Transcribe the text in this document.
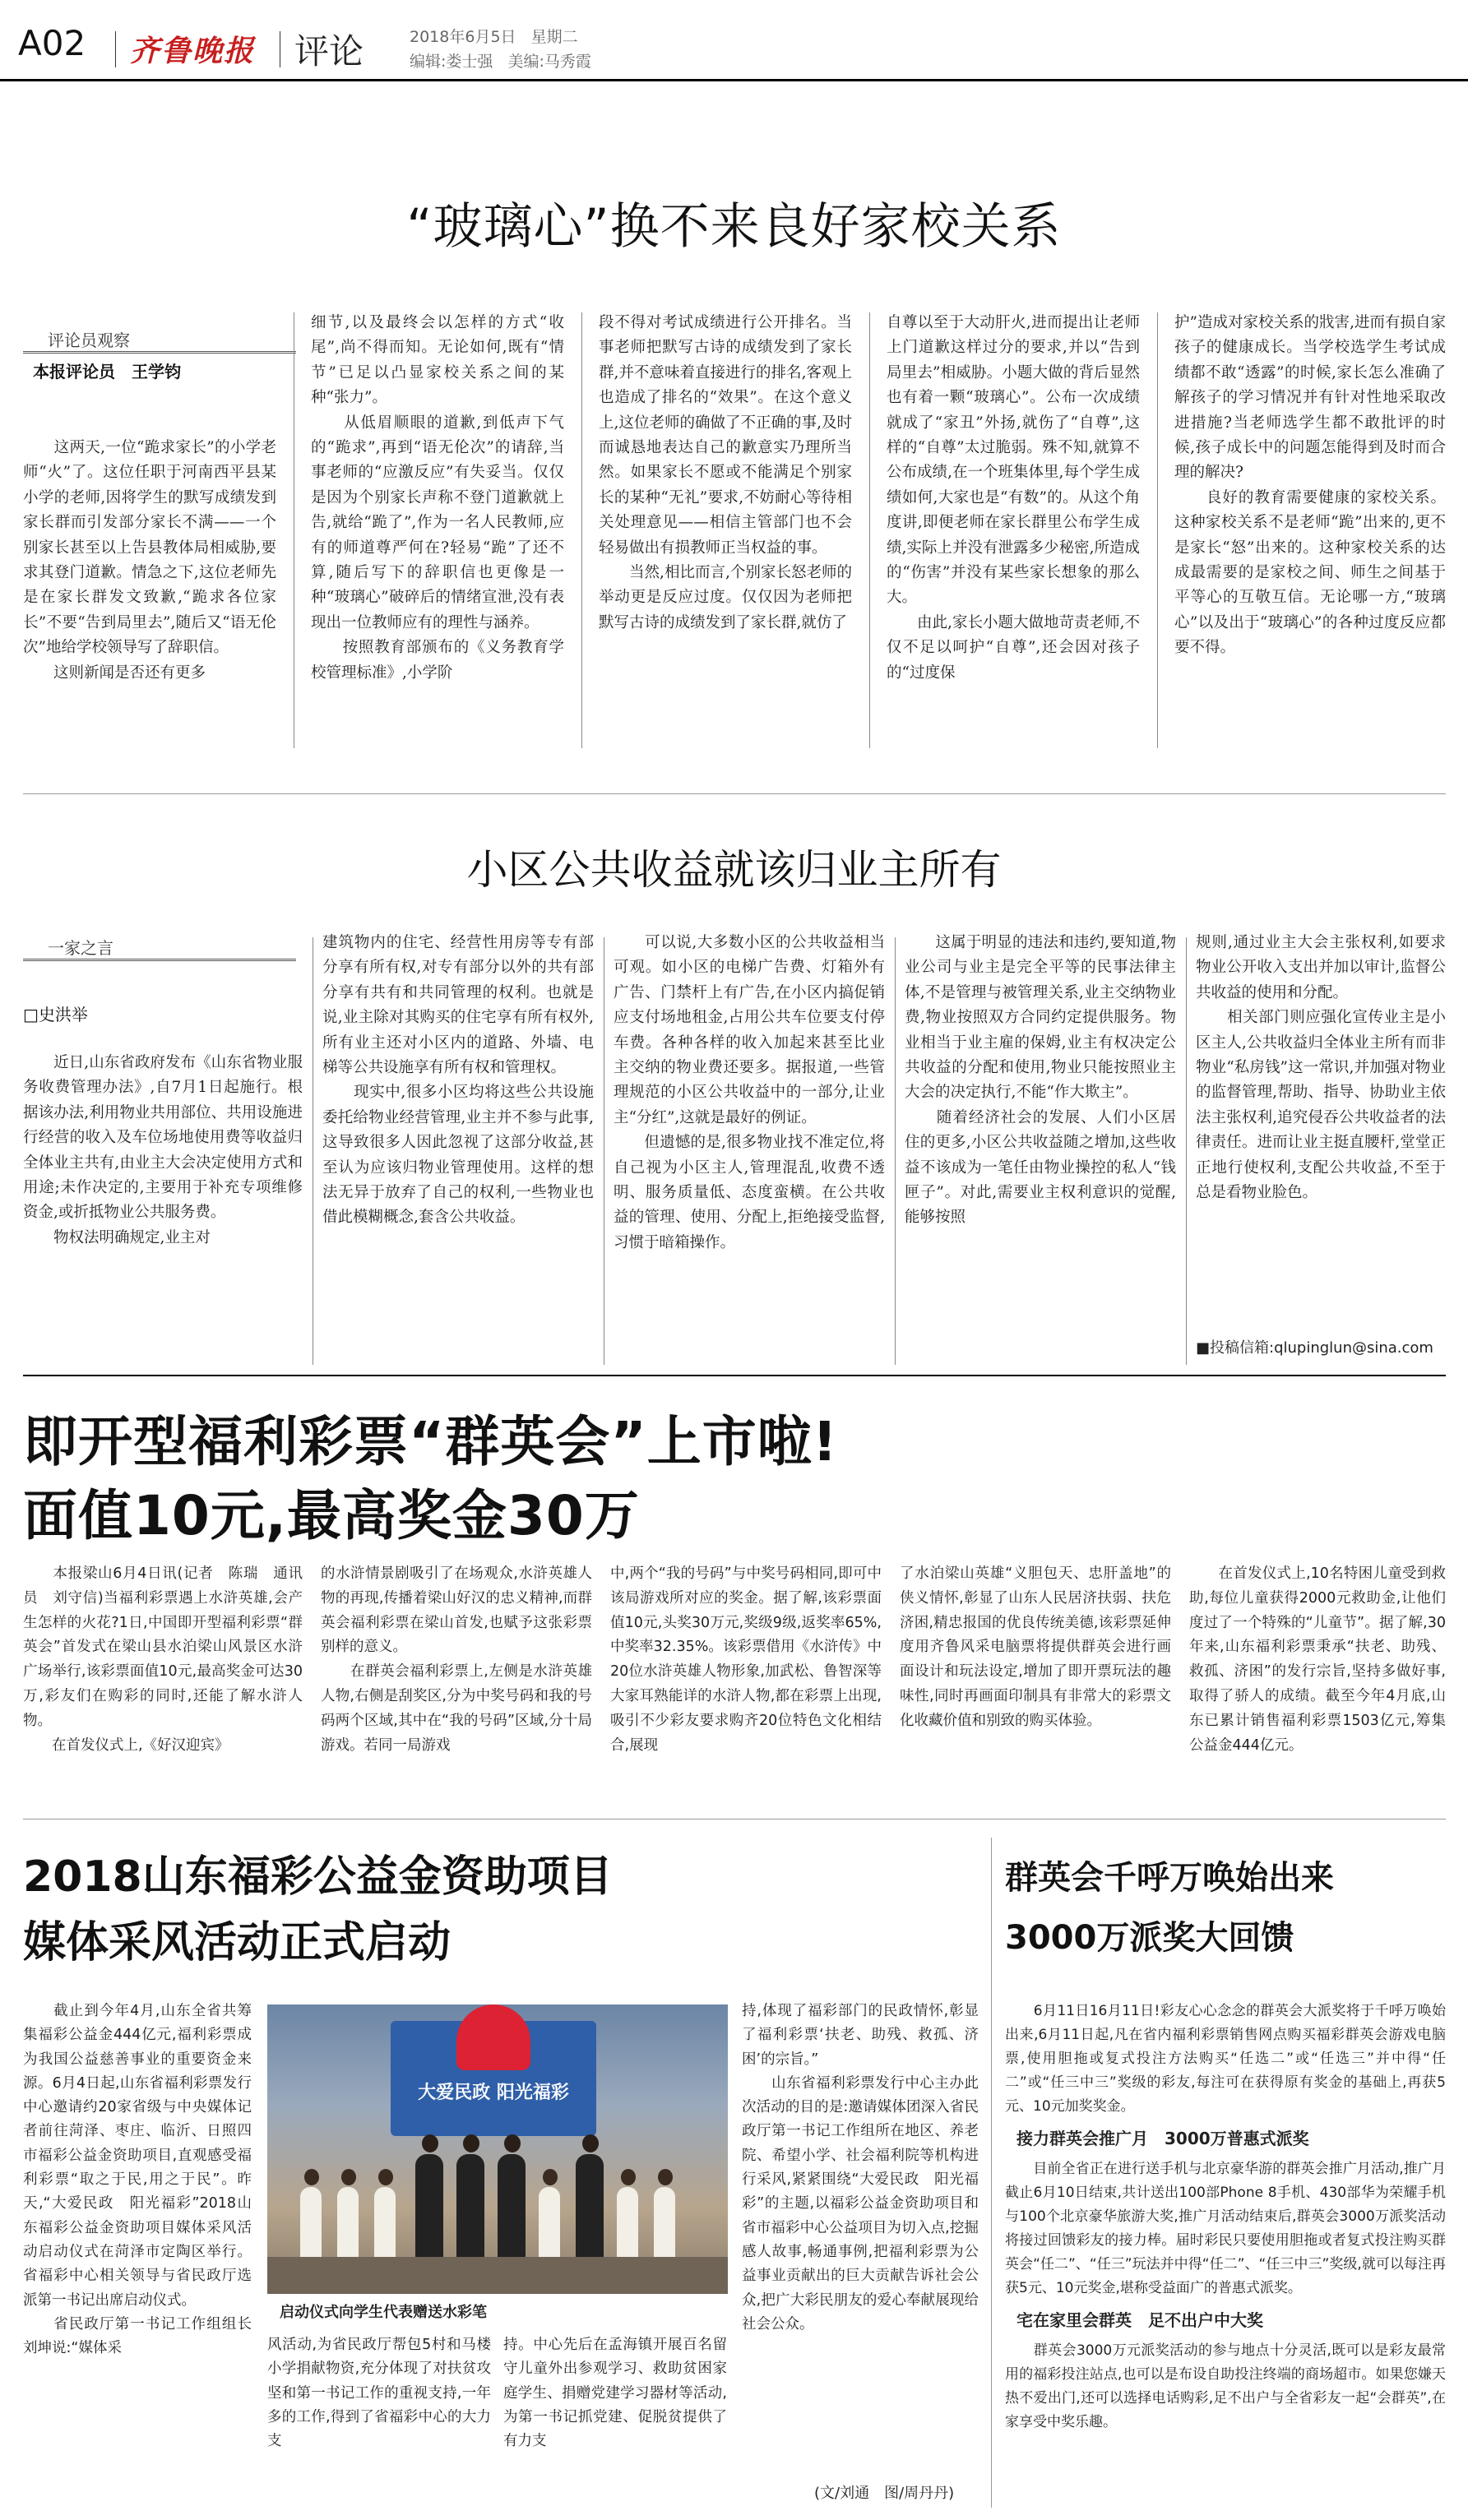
A02 齐鲁晚报 评论	2018年6月5日 星期二
编辑:娄士强 美编:马秀霞
“玻璃心”换不来良好家校关系
评论员观察
本报评论员　王学钧

　　这两天,一位“跪求家长”的小学老师“火”了。这位任职于河南西平县某小学的老师,因将学生的默写成绩发到家长群而引发部分家长不满——一个别家长甚至以上告县教体局相威胁,要求其登门道歉。情急之下,这位老师先是在家长群发文致歉,“跪求各位家长”不要“告到局里去”,随后又“语无伦次”地给学校领导写了辞职信。

　　这则新闻是否还有更多

细节,以及最终会以怎样的方式“收尾”,尚不得而知。无论如何,既有“情节”已足以凸显家校关系之间的某种“张力”。

　　从低眉顺眼的道歉,到低声下气的“跪求”,再到“语无伦次”的请辞,当事老师的“应激反应”有失妥当。仅仅是因为个别家长声称不登门道歉就上告,就给“跪了”,作为一名人民教师,应有的师道尊严何在?轻易“跪”了还不算,随后写下的辞职信也更像是一种“玻璃心”破碎后的情绪宣泄,没有表现出一位教师应有的理性与涵养。

　　按照教育部颁布的《义务教育学校管理标准》,小学阶

段不得对考试成绩进行公开排名。当事老师把默写古诗的成绩发到了家长群,并不意味着直接进行的排名,客观上也造成了排名的“效果”。在这个意义上,这位老师的确做了不正确的事,及时而诚恳地表达自己的歉意实乃理所当然。如果家长不愿或不能满足个别家长的某种“无礼”要求,不妨耐心等待相关处理意见——相信主管部门也不会轻易做出有损教师正当权益的事。

　　当然,相比而言,个别家长怒老师的举动更是反应过度。仅仅因为老师把默写古诗的成绩发到了家长群,就仿了

自尊以至于大动肝火,进而提出让老师上门道歉这样过分的要求,并以“告到局里去”相威胁。小题大做的背后显然也有着一颗“玻璃心”。公布一次成绩就成了“家丑”外扬,就伤了“自尊”,这样的“自尊”太过脆弱。殊不知,就算不公布成绩,在一个班集体里,每个学生成绩如何,大家也是“有数”的。从这个角度讲,即便老师在家长群里公布学生成绩,实际上并没有泄露多少秘密,所造成的“伤害”并没有某些家长想象的那么大。

　　由此,家长小题大做地苛责老师,不仅不足以呵护“自尊”,还会因对孩子的“过度保

护”造成对家校关系的戕害,进而有损自家孩子的健康成长。当学校选学生考试成绩都不敢“透露”的时候,家长怎么准确了解孩子的学习情况并有针对性地采取改进措施?当老师选学生都不敢批评的时候,孩子成长中的问题怎能得到及时而合理的解决?

　　良好的教育需要健康的家校关系。这种家校关系不是老师“跪”出来的,更不是家长“怒”出来的。这种家校关系的达成最需要的是家校之间、师生之间基于平等心的互敬互信。无论哪一方,“玻璃心”以及出于“玻璃心”的各种过度反应都要不得。

小区公共收益就该归业主所有
一家之言
□史洪举

　　近日,山东省政府发布《山东省物业服务收费管理办法》,自7月1日起施行。根据该办法,利用物业共用部位、共用设施进行经营的收入及车位场地使用费等收益归全体业主共有,由业主大会决定使用方式和用途;未作决定的,主要用于补充专项维修资金,或折抵物业公共服务费。

　　物权法明确规定,业主对

建筑物内的住宅、经营性用房等专有部分享有所有权,对专有部分以外的共有部分享有共有和共同管理的权利。也就是说,业主除对其购买的住宅享有所有权外,所有业主还对小区内的道路、外墙、电梯等公共设施享有所有权和管理权。

　　现实中,很多小区均将这些公共设施委托给物业经营管理,业主并不参与此事,这导致很多人因此忽视了这部分收益,甚至认为应该归物业管理使用。这样的想法无异于放弃了自己的权利,一些物业也借此模糊概念,套含公共收益。

　　可以说,大多数小区的公共收益相当可观。如小区的电梯广告费、灯箱外有广告、门禁杆上有广告,在小区内搞促销应支付场地租金,占用公共车位要支付停车费。各种各样的收入加起来甚至比业主交纳的物业费还要多。据报道,一些管理规范的小区公共收益中的一部分,让业主“分红”,这就是最好的例证。

　　但遗憾的是,很多物业找不准定位,将自己视为小区主人,管理混乱,收费不透明、服务质量低、态度蛮横。在公共收益的管理、使用、分配上,拒绝接受监督,习惯于暗箱操作。

　　这属于明显的违法和违约,要知道,物业公司与业主是完全平等的民事法律主体,不是管理与被管理关系,业主交纳物业费,物业按照双方合同约定提供服务。物业相当于业主雇的保姆,业主有权决定公共收益的分配和使用,物业只能按照业主大会的决定执行,不能“作大欺主”。

　　随着经济社会的发展、人们小区居住的更多,小区公共收益随之增加,这些收益不该成为一笔任由物业操控的私人“钱匣子”。对此,需要业主权利意识的觉醒,能够按照

规则,通过业主大会主张权利,如要求物业公开收入支出并加以审计,监督公共收益的使用和分配。

　　相关部门则应强化宣传业主是小区主人,公共收益归全体业主所有而非物业“私房钱”这一常识,并加强对物业的监督管理,帮助、指导、协助业主依法主张权利,追究侵吞公共收益者的法律责任。进而让业主挺直腰杆,堂堂正正地行使权利,支配公共收益,不至于总是看物业脸色。

■投稿信箱:qlupinglun@sina.com
即开型福利彩票“群英会”上市啦!
面值10元,最高奖金30万

　　本报梁山6月4日讯(记者　陈瑞　通讯员　刘守信)当福利彩票遇上水浒英雄,会产生怎样的火花?1日,中国即开型福利彩票“群英会”首发式在梁山县水泊梁山风景区水浒广场举行,该彩票面值10元,最高奖金可达30万,彩友们在购彩的同时,还能了解水浒人物。

　　在首发仪式上,《好汉迎宾》

的水浒情景剧吸引了在场观众,水浒英雄人物的再现,传播着梁山好汉的忠义精神,而群英会福利彩票在梁山首发,也赋予这张彩票别样的意义。

　　在群英会福利彩票上,左侧是水浒英雄人物,右侧是刮奖区,分为中奖号码和我的号码两个区域,其中在“我的号码”区域,分十局游戏。若同一局游戏

中,两个“我的号码”与中奖号码相同,即可中该局游戏所对应的奖金。据了解,该彩票面值10元,头奖30万元,奖级9级,返奖率65%,中奖率32.35%。该彩票借用《水浒传》中20位水浒英雄人物形象,加武松、鲁智深等大家耳熟能详的水浒人物,都在彩票上出现,吸引不少彩友要求购齐20位特色文化相结合,展现

了水泊梁山英雄“义胆包天、忠肝盖地”的侠义情怀,彰显了山东人民居济扶弱、扶危济困,精忠报国的优良传统美德,该彩票延伸度用齐鲁风采电脑票将提供群英会进行画面设计和玩法设定,增加了即开票玩法的趣味性,同时再画面印制具有非常大的彩票文化收藏价值和别致的购买体验。

　　在首发仪式上,10名特困儿童受到救助,每位儿童获得2000元救助金,让他们度过了一个特殊的“儿童节”。据了解,30年来,山东福利彩票秉承“扶老、助残、救孤、济困”的发行宗旨,坚持多做好事,取得了骄人的成绩。截至今年4月底,山东已累计销售福利彩票1503亿元,筹集公益金444亿元。

2018山东福彩公益金资助项目
媒体采风活动正式启动

　　截止到今年4月,山东全省共筹集福彩公益金444亿元,福利彩票成为我国公益慈善事业的重要资金来源。6月4日起,山东省福利彩票发行中心邀请约20家省级与中央媒体记者前往菏泽、枣庄、临沂、日照四市福彩公益金资助项目,直观感受福利彩票“取之于民,用之于民”。昨天,“大爱民政　阳光福彩”2018山东福彩公益金资助项目媒体采风活动启动仪式在菏泽市定陶区举行。省福彩中心相关领导与省民政厅选派第一书记出席启动仪式。

　　省民政厅第一书记工作组组长刘坤说:“媒体采

大爱民政 阳光福彩
启动仪式向学生代表赠送水彩笔

风活动,为省民政厅帮包5村和马楼小学捐献物资,充分体现了对扶贫攻坚和第一书记工作的重视支持,一年多的工作,得到了省福彩中心的大力支

持。中心先后在孟海镇开展百名留守儿童外出参观学习、救助贫困家庭学生、捐赠党建学习器材等活动,为第一书记抓党建、促脱贫提供了有力支

持,体现了福彩部门的民政情怀,彰显了福利彩票‘扶老、助残、救孤、济困’的宗旨。”

　　山东省福利彩票发行中心主办此次活动的目的是:邀请媒体团深入省民政厅第一书记工作组所在地区、养老院、希望小学、社会福利院等机构进行采风,紧紧围绕“大爱民政　阳光福彩”的主题,以福彩公益金资助项目和省市福彩中心公益项目为切入点,挖掘感人故事,畅通事例,把福利彩票为公益事业贡献出的巨大贡献告诉社会公众,把广大彩民朋友的爱心奉献展现给社会公众。

(文/刘通　图/周丹丹)
群英会千呼万唤始出来
3000万派奖大回馈

　　6月11日16月11日!彩友心心念念的群英会大派奖将于千呼万唤始出来,6月11日起,凡在省内福利彩票销售网点购买福彩群英会游戏电脑票,使用胆拖或复式投注方法购买“任选二”或“任选三”并中得“任二”或“任三中三”奖级的彩友,每注可在获得原有奖金的基础上,再获5元、10元加奖奖金。

接力群英会推广月　3000万普惠式派奖

　　目前全省正在进行送手机与北京豪华游的群英会推广月活动,推广月截止6月10日结束,共计送出100部Phone 8手机、430部华为荣耀手机与100个北京豪华旅游大奖,推广月活动结束后,群英会3000万派奖活动将接过回馈彩友的接力棒。届时彩民只要使用胆拖或者复式投注购买群英会“任二”、“任三”玩法并中得“任二”、“任三中三”奖级,就可以每注再获5元、10元奖金,堪称受益面广的普惠式派奖。

宅在家里会群英　足不出户中大奖

　　群英会3000万元派奖活动的参与地点十分灵活,既可以是彩友最常用的福彩投注站点,也可以是布设自助投注终端的商场超市。如果您嫌天热不爱出门,还可以选择电话购彩,足不出户与全省彩友一起“会群英”,在家享受中奖乐趣。
